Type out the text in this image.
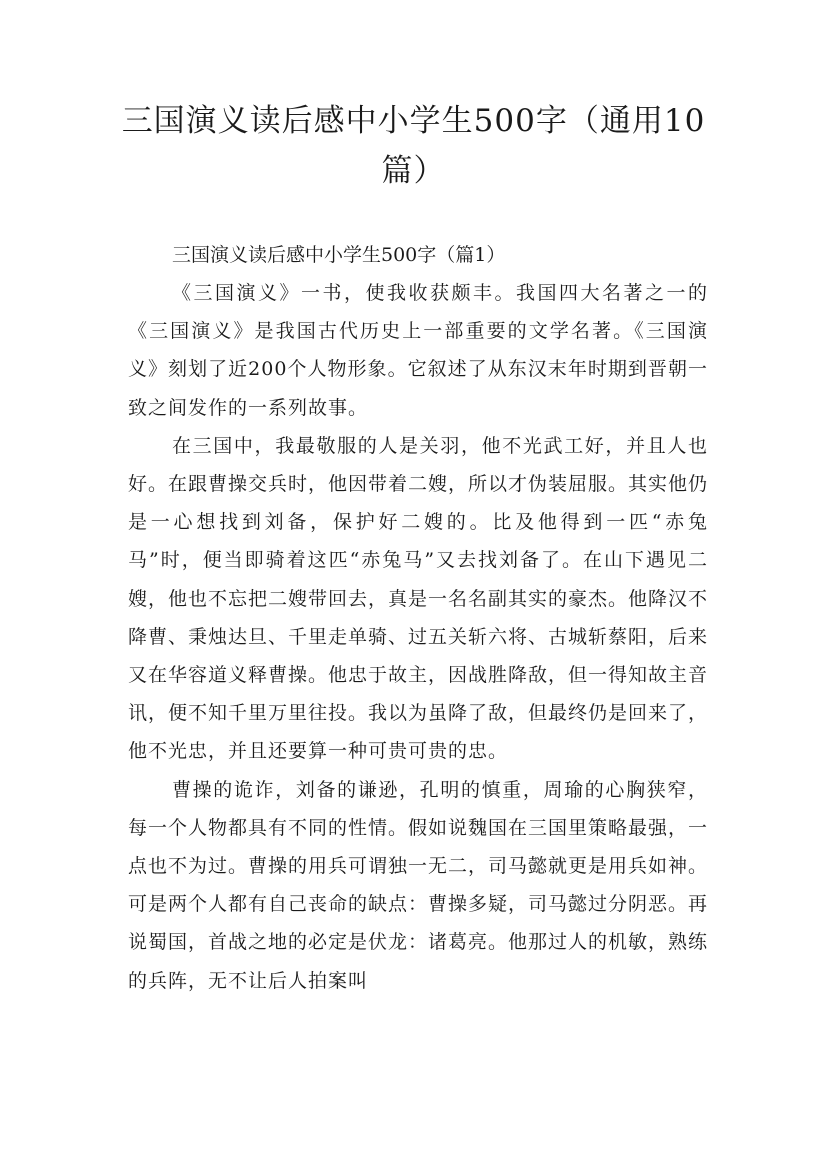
三国演义读后感中小学生500字（通用10篇）
三国演义读后感中小学生500字（篇1）

《三国演义》一书，使我收获颇丰。我国四大名著之一的《三国演义》是我国古代历史上一部重要的文学名著。《三国演义》刻划了近200个人物形象。它叙述了从东汉末年时期到晋朝一致之间发作的一系列故事。

在三国中，我最敬服的人是关羽，他不光武工好，并且人也好。在跟曹操交兵时，他因带着二嫂，所以才伪装屈服。其实他仍是一心想找到刘备，保护好二嫂的。比及他得到一匹“赤兔马”时，便当即骑着这匹“赤兔马”又去找刘备了。在山下遇见二嫂，他也不忘把二嫂带回去，真是一名名副其实的豪杰。他降汉不降曹、秉烛达旦、千里走单骑、过五关斩六将、古城斩蔡阳，后来又在华容道义释曹操。他忠于故主，因战胜降敌，但一得知故主音讯，便不知千里万里往投。我以为虽降了敌，但最终仍是回来了，他不光忠，并且还要算一种可贵可贵的忠。

曹操的诡诈，刘备的谦逊，孔明的慎重，周瑜的心胸狭窄，每一个人物都具有不同的性情。假如说魏国在三国里策略最强，一点也不为过。曹操的用兵可谓独一无二，司马懿就更是用兵如神。可是两个人都有自己丧命的缺点：曹操多疑，司马懿过分阴恶。再说蜀国，首战之地的必定是伏龙：诸葛亮。他那过人的机敏，熟练的兵阵，无不让后人拍案叫
